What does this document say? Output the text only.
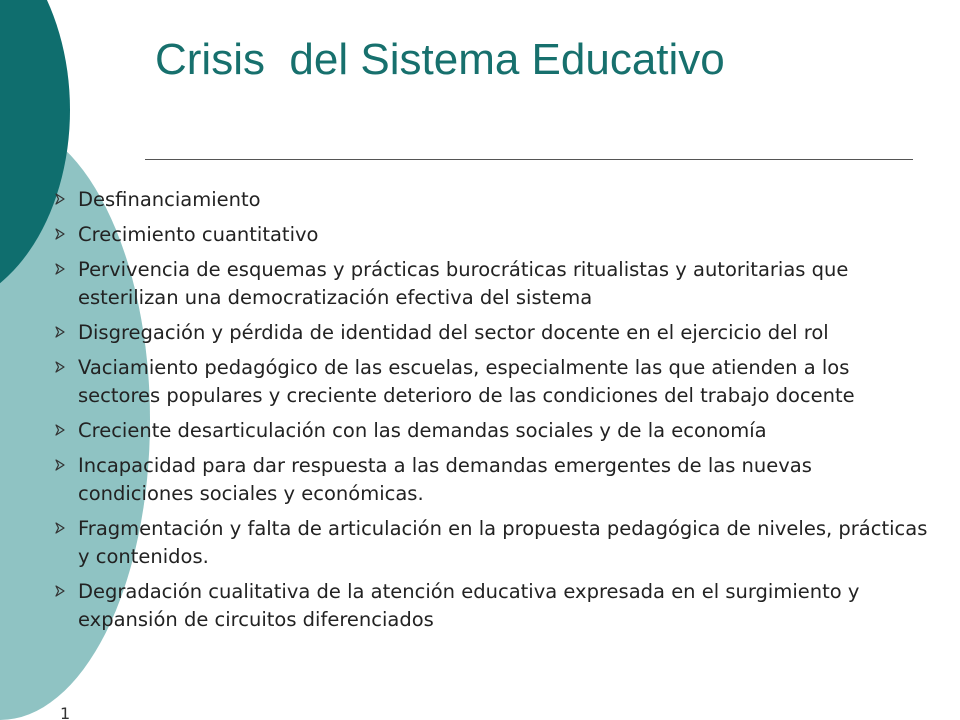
Crisis  del Sistema Educativo
Desfinanciamiento
Crecimiento cuantitativo
Pervivencia de esquemas y prácticas burocráticas ritualistas y autoritarias que esterilizan una democratización efectiva del sistema
Disgregación y pérdida de identidad del sector docente en el ejercicio del rol
Vaciamiento pedagógico de las escuelas, especialmente las que atienden a los sectores populares y creciente deterioro de las condiciones del trabajo docente
Creciente desarticulación con las demandas sociales y de la economía
Incapacidad para dar respuesta a las demandas emergentes de las nuevas condiciones sociales y económicas.
Fragmentación y falta de articulación en la propuesta pedagógica de niveles, prácticas y contenidos.
Degradación cualitativa de la atención educativa expresada en el surgimiento y expansión de circuitos diferenciados
1
